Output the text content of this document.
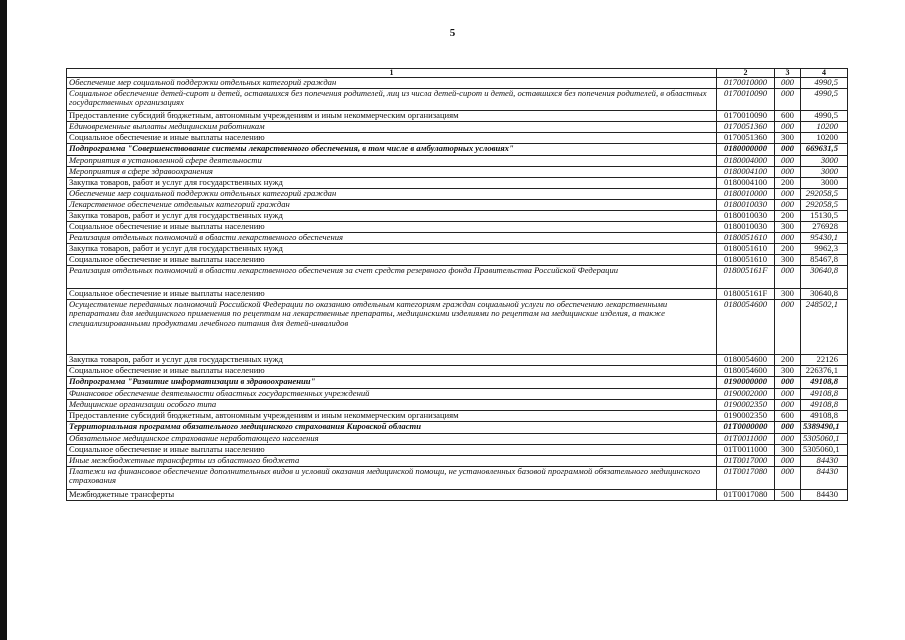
5
1	2	3	4
Обеспечение мер социальной поддержки отдельных категорий граждан	0170010000	000	4990,5
Социальное обеспечение детей-сирот и детей, оставшихся без попечения родителей, лиц из числа детей-сирот и детей, оставшихся без попечения родителей, в областных государственных организациях	0170010090	000	4990,5
Предоставление субсидий бюджетным, автономным учреждениям и иным некоммерческим организациям	0170010090	600	4990,5
Единовременные выплаты медицинским работникам	0170051360	000	10200
Социальное обеспечение и иные выплаты населению	0170051360	300	10200
Подпрограмма "Совершенствование системы лекарственного обеспечения, в том числе в амбулаторных условиях"	0180000000	000	669631,5
Мероприятия в установленной сфере деятельности	0180004000	000	3000
Мероприятия в сфере здравоохранения	0180004100	000	3000
Закупка товаров, работ и услуг для государственных нужд	0180004100	200	3000
Обеспечение мер социальной поддержки отдельных категорий граждан	0180010000	000	292058,5
Лекарственное обеспечение отдельных категорий граждан	0180010030	000	292058,5
Закупка товаров, работ и услуг для государственных нужд	0180010030	200	15130,5
Социальное обеспечение и иные выплаты населению	0180010030	300	276928
Реализация отдельных полномочий в области лекарственного обеспечения	0180051610	000	95430,1
Закупка товаров, работ и услуг для государственных нужд	0180051610	200	9962,3
Социальное обеспечение и иные выплаты населению	0180051610	300	85467,8
Реализация отдельных полномочий в области лекарственного обеспечения за счет средств резервного фонда Правительства Российской Федерации	018005161F	000	30640,8
Социальное обеспечение и иные выплаты населению	018005161F	300	30640,8
Осуществление переданных полномочий Российской Федерации по оказанию отдельным категориям граждан социальной услуги по обеспечению лекарственными препаратами для медицинского применения по рецептам на лекарственные препараты, медицинскими изделиями по рецептам на медицинские изделия, а также специализированными продуктами лечебного питания для детей-инвалидов	0180054600	000	248502,1
Закупка товаров, работ и услуг для государственных нужд	0180054600	200	22126
Социальное обеспечение и иные выплаты населению	0180054600	300	226376,1
Подпрограмма "Развитие информатизации в здравоохранении"	0190000000	000	49108,8
Финансовое обеспечение деятельности областных государственных учреждений	0190002000	000	49108,8
Медицинские организации особого типа	0190002350	000	49108,8
Предоставление субсидий бюджетным, автономным учреждениям и иным некоммерческим организациям	0190002350	600	49108,8
Территориальная программа обязательного медицинского страхования Кировской области	01T0000000	000	5389490,1
Обязательное медицинское страхование неработающего населения	01T0011000	000	5305060,1
Социальное обеспечение и иные выплаты населению	01T0011000	300	5305060,1
Иные межбюджетные трансферты из областного бюджета	01T0017000	000	84430
Платежи на финансовое обеспечение дополнительных видов и условий оказания медицинской помощи, не установленных базовой программой обязательного медицинского страхования	01T0017080	000	84430
Межбюджетные трансферты	01T0017080	500	84430
